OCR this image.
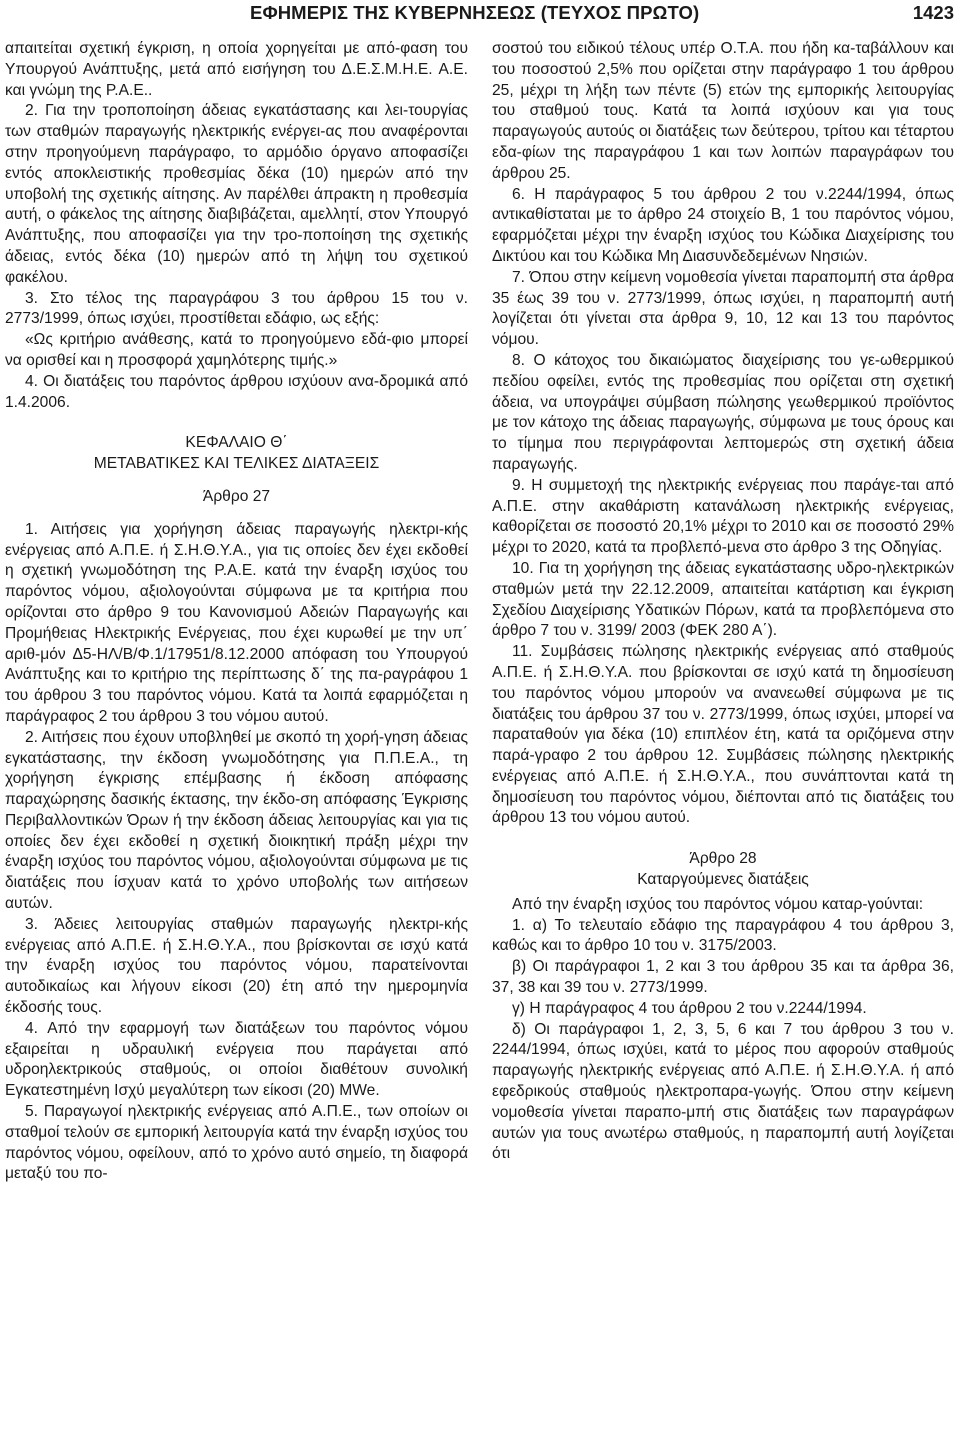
ΕΦΗΜΕΡΙΣ ΤΗΣ ΚΥΒΕΡΝΗΣΕΩΣ (ΤΕΥΧΟΣ ΠΡΩΤΟ)	1423

απαιτείται σχετική έγκριση, η οποία χορηγείται με από-φαση του Υπουργού Ανάπτυξης, μετά από εισήγηση του Δ.Ε.Σ.Μ.Η.Ε. Α.Ε. και γνώμη της Ρ.Α.Ε..

2. Για την τροποποίηση άδειας εγκατάστασης και λει-τουργίας των σταθμών παραγωγής ηλεκτρικής ενέργει-ας που αναφέρονται στην προηγούμενη παράγραφο, το αρμόδιο όργανο αποφασίζει εντός αποκλειστικής προθεσμίας δέκα (10) ημερών από την υποβολή της σχετικής αίτησης. Αν παρέλθει άπρακτη η προθεσμία αυτή, ο φάκελος της αίτησης διαβιβάζεται, αμελλητί, στον Υπουργό Ανάπτυξης, που αποφασίζει για την τρο-ποποίηση της σχετικής άδειας, εντός δέκα (10) ημερών από τη λήψη του σχετικού φακέλου.

3. Στο τέλος της παραγράφου 3 του άρθρου 15 του ν. 2773/1999, όπως ισχύει, προστίθεται εδάφιο, ως εξής:

«Ως κριτήριο ανάθεσης, κατά το προηγούμενο εδά-φιο μπορεί να ορισθεί και η προσφορά χαμηλότερης τιμής.»

4. Οι διατάξεις του παρόντος άρθρου ισχύουν ανα-δρομικά από 1.4.2006.

ΚΕΦΑΛΑΙΟ Θ΄

ΜΕΤΑΒΑΤΙΚΕΣ ΚΑΙ ΤΕΛΙΚΕΣ ΔΙΑΤΑΞΕΙΣ

Άρθρο 27

1. Αιτήσεις για χορήγηση άδειας παραγωγής ηλεκτρι-κής ενέργειας από Α.Π.Ε. ή Σ.Η.Θ.Υ.Α., για τις οποίες δεν έχει εκδοθεί η σχετική γνωμοδότηση της Ρ.Α.Ε. κατά την έναρξη ισχύος του παρόντος νόμου, αξιολογούνται σύμφωνα με τα κριτήρια που ορίζονται στο άρθρο 9 του Κανονισμού Αδειών Παραγωγής και Προμήθειας Ηλεκτρικής Ενέργειας, που έχει κυρωθεί με την υπ΄ αριθ-μόν Δ5-ΗΛ/Β/Φ.1/17951/8.12.2000 απόφαση του Υπουργού Ανάπτυξης και το κριτήριο της περίπτωσης δ΄ της πα-ραγράφου 1 του άρθρου 3 του παρόντος νόμου. Κατά τα λοιπά εφαρμόζεται η παράγραφος 2 του άρθρου 3 του νόμου αυτού.

2. Αιτήσεις που έχουν υποβληθεί με σκοπό τη χορή-γηση άδειας εγκατάστασης, την έκδοση γνωμοδότησης για Π.Π.Ε.Α., τη χορήγηση έγκρισης επέμβασης ή έκδοση απόφασης παραχώρησης δασικής έκτασης, την έκδο-ση απόφασης Έγκρισης Περιβαλλοντικών Όρων ή την έκδοση άδειας λειτουργίας και για τις οποίες δεν έχει εκδοθεί η σχετική διοικητική πράξη μέχρι την έναρξη ισχύος του παρόντος νόμου, αξιολογούνται σύμφωνα με τις διατάξεις που ίσχυαν κατά το χρόνο υποβολής των αιτήσεων αυτών.

3. Άδειες λειτουργίας σταθμών παραγωγής ηλεκτρι-κής ενέργειας από Α.Π.Ε. ή Σ.Η.Θ.Υ.Α., που βρίσκονται σε ισχύ κατά την έναρξη ισχύος του παρόντος νόμου, παρατείνονται αυτοδικαίως και λήγουν είκοσι (20) έτη από την ημερομηνία έκδοσής τους.

4. Από την εφαρμογή των διατάξεων του παρόντος νόμου εξαιρείται η υδραυλική ενέργεια που παράγεται από υδροηλεκτρικούς σταθμούς, οι οποίοι διαθέτουν συνολική Εγκατεστημένη Ισχύ μεγαλύτερη των είκοσι (20) MWe.

5. Παραγωγοί ηλεκτρικής ενέργειας από Α.Π.Ε., των οποίων οι σταθμοί τελούν σε εμπορική λειτουργία κατά την έναρξη ισχύος του παρόντος νόμου, οφείλουν, από το χρόνο αυτό σημείο, τη διαφορά μεταξύ του πο-

σοστού του ειδικού τέλους υπέρ Ο.Τ.Α. που ήδη κα-ταβάλλουν και του ποσοστού 2,5% που ορίζεται στην παράγραφο 1 του άρθρου 25, μέχρι τη λήξη των πέντε (5) ετών της εμπορικής λειτουργίας του σταθμού τους. Κατά τα λοιπά ισχύουν και για τους παραγωγούς αυτούς οι διατάξεις των δεύτερου, τρίτου και τέταρτου εδα-φίων της παραγράφου 1 και των λοιπών παραγράφων του άρθρου 25.

6. Η παράγραφος 5 του άρθρου 2 του ν.2244/1994, όπως αντικαθίσταται με το άρθρο 24 στοιχείο Β, 1 του παρόντος νόμου, εφαρμόζεται μέχρι την έναρξη ισχύος του Κώδικα Διαχείρισης του Δικτύου και του Κώδικα Μη Διασυνδεδεμένων Νησιών.

7. Όπου στην κείμενη νομοθεσία γίνεται παραπομπή στα άρθρα 35 έως 39 του ν. 2773/1999, όπως ισχύει, η παραπομπή αυτή λογίζεται ότι γίνεται στα άρθρα 9, 10, 12 και 13 του παρόντος νόμου.

8. Ο κάτοχος του δικαιώματος διαχείρισης του γε-ωθερμικού πεδίου οφείλει, εντός της προθεσμίας που ορίζεται στη σχετική άδεια, να υπογράψει σύμβαση πώλησης γεωθερμικού προϊόντος με τον κάτοχο της άδειας παραγωγής, σύμφωνα με τους όρους και το τίμημα που περιγράφονται λεπτομερώς στη σχετική άδεια παραγωγής.

9. Η συμμετοχή της ηλεκτρικής ενέργειας που παράγε-ται από Α.Π.Ε. στην ακαθάριστη κατανάλωση ηλεκτρικής ενέργειας, καθορίζεται σε ποσοστό 20,1% μέχρι το 2010 και σε ποσοστό 29% μέχρι το 2020, κατά τα προβλεπό-μενα στο άρθρο 3 της Οδηγίας.

10. Για τη χορήγηση της άδειας εγκατάστασης υδρο-ηλεκτρικών σταθμών μετά την 22.12.2009, απαιτείται κατάρτιση και έγκριση Σχεδίου Διαχείρισης Υδατικών Πόρων, κατά τα προβλεπόμενα στο άρθρο 7 του ν. 3199/ 2003 (ΦΕΚ 280 Α΄).

11. Συμβάσεις πώλησης ηλεκτρικής ενέργειας από σταθμούς Α.Π.Ε. ή Σ.Η.Θ.Υ.Α. που βρίσκονται σε ισχύ κατά τη δημοσίευση του παρόντος νόμου μπορούν να ανανεωθεί σύμφωνα με τις διατάξεις του άρθρου 37 του ν. 2773/1999, όπως ισχύει, μπορεί να παραταθούν για δέκα (10) επιπλέον έτη, κατά τα οριζόμενα στην παρά-γραφο 2 του άρθρου 12. Συμβάσεις πώλησης ηλεκτρικής ενέργειας από Α.Π.Ε. ή Σ.Η.Θ.Υ.Α., που συνάπτονται κατά τη δημοσίευση του παρόντος νόμου, διέπονται από τις διατάξεις του άρθρου 13 του νόμου αυτού.

Άρθρο 28

Καταργούμενες διατάξεις

Από την έναρξη ισχύος του παρόντος νόμου καταρ-γούνται:

1. α) Το τελευταίο εδάφιο της παραγράφου 4 του άρθρου 3, καθώς και το άρθρο 10 του ν. 3175/2003.

β) Οι παράγραφοι 1, 2 και 3 του άρθρου 35 και τα άρθρα 36, 37, 38 και 39 του ν. 2773/1999.

γ) Η παράγραφος 4 του άρθρου 2 του ν.2244/1994.

δ) Οι παράγραφοι 1, 2, 3, 5, 6 και 7 του άρθρου 3 του ν. 2244/1994, όπως ισχύει, κατά το μέρος που αφορούν σταθμούς παραγωγής ηλεκτρικής ενέργειας από Α.Π.Ε. ή Σ.Η.Θ.Υ.Α. ή από εφεδρικούς σταθμούς ηλεκτροπαρα-γωγής. Όπου στην κείμενη νομοθεσία γίνεται παραπο-μπή στις διατάξεις των παραγράφων αυτών για τους ανωτέρω σταθμούς, η παραπομπή αυτή λογίζεται ότι
